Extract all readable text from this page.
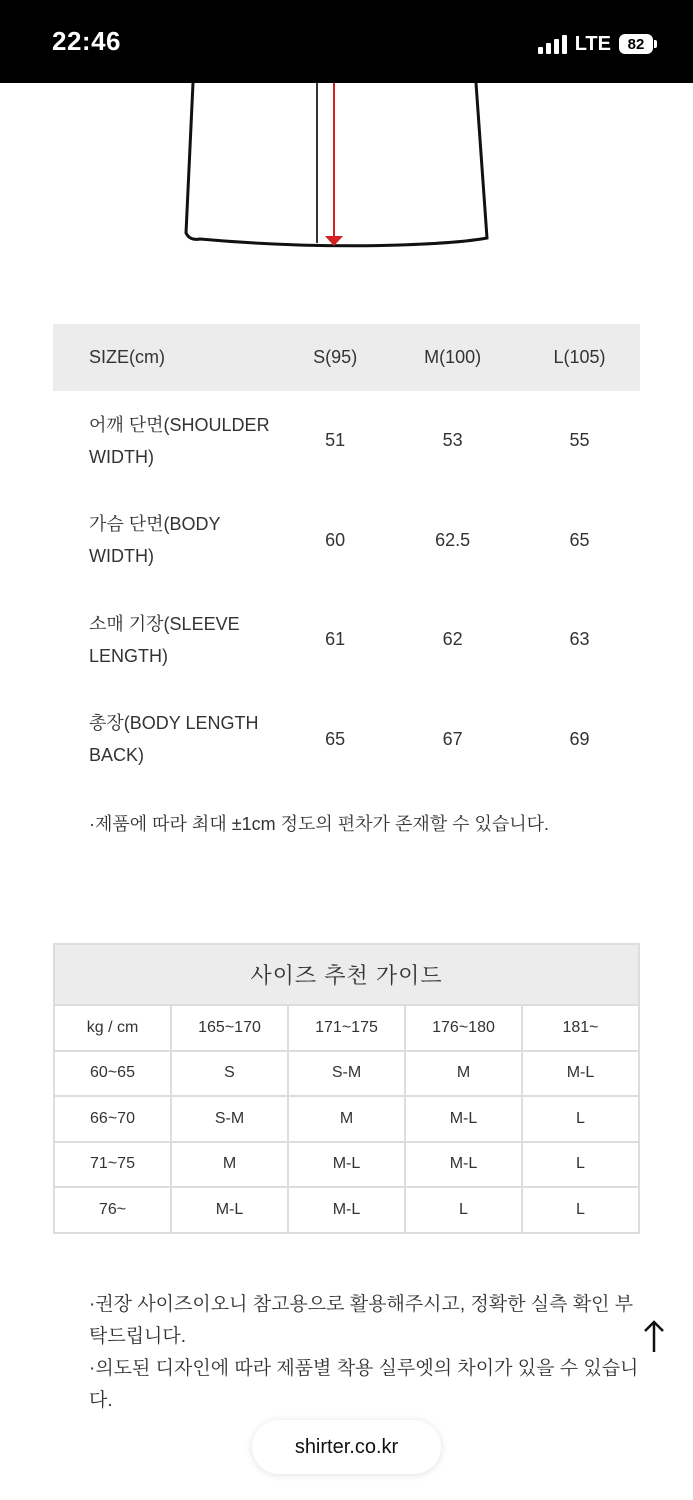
22:46	LTE 82
SIZE(cm)	S(95)	M(100)	L(105)

어깨 단면(SHOULDER WIDTH)	51	53	55

가슴 단면(BODY WIDTH)	60	62.5	65

소매 기장(SLEEVE LENGTH)	61	62	63

총장(BODY LENGTH BACK)	65	67	69
·제품에 따라 최대 ±1cm 정도의 편차가 존재할 수 있습니다.
사이즈 추천 가이드				
kg / cm	165~170	171~175	176~180	181~
60~65	S	S-M	M	M-L
66~70	S-M	M	M-L	L
71~75	M	M-L	M-L	L
76~	M-L	M-L	L	L

·권장 사이즈이오니 참고용으로 활용해주시고, 정확한 실측 확인 부탁드립니다.

·의도된 디자인에 따라 제품별 착용 실루엣의 차이가 있을 수 있습니다.

shirter.co.kr
